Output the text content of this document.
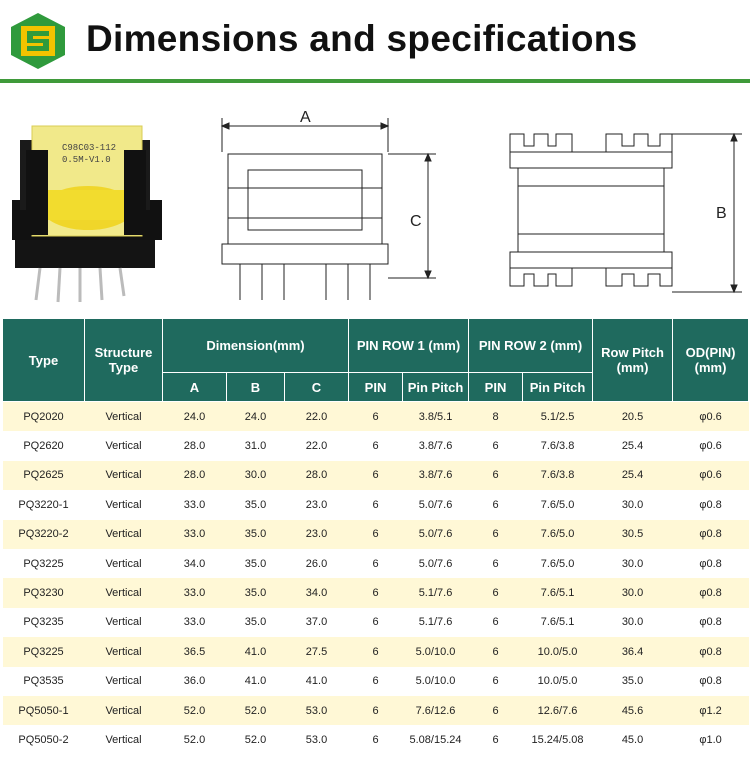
Dimensions and specifications
C98C03-112
0.5M-V1.0
A
C	B
Type	Structure Type	Dimension(mm)			PIN ROW 1 (mm)		PIN ROW 2 (mm)		Row Pitch (mm)	OD(PIN) (mm)
		A	B	C	PIN	Pin Pitch	PIN	Pin Pitch		
PQ2020	Vertical	24.0	24.0	22.0	6	3.8/5.1	8	5.1/2.5	20.5	φ0.6
PQ2620	Vertical	28.0	31.0	22.0	6	3.8/7.6	6	7.6/3.8	25.4	φ0.6
PQ2625	Vertical	28.0	30.0	28.0	6	3.8/7.6	6	7.6/3.8	25.4	φ0.6
PQ3220-1	Vertical	33.0	35.0	23.0	6	5.0/7.6	6	7.6/5.0	30.0	φ0.8
PQ3220-2	Vertical	33.0	35.0	23.0	6	5.0/7.6	6	7.6/5.0	30.5	φ0.8
PQ3225	Vertical	34.0	35.0	26.0	6	5.0/7.6	6	7.6/5.0	30.0	φ0.8
PQ3230	Vertical	33.0	35.0	34.0	6	5.1/7.6	6	7.6/5.1	30.0	φ0.8
PQ3235	Vertical	33.0	35.0	37.0	6	5.1/7.6	6	7.6/5.1	30.0	φ0.8
PQ3225	Vertical	36.5	41.0	27.5	6	5.0/10.0	6	10.0/5.0	36.4	φ0.8
PQ3535	Vertical	36.0	41.0	41.0	6	5.0/10.0	6	10.0/5.0	35.0	φ0.8
PQ5050-1	Vertical	52.0	52.0	53.0	6	7.6/12.6	6	12.6/7.6	45.6	φ1.2
PQ5050-2	Vertical	52.0	52.0	53.0	6	5.08/15.24	6	15.24/5.08	45.0	φ1.0
